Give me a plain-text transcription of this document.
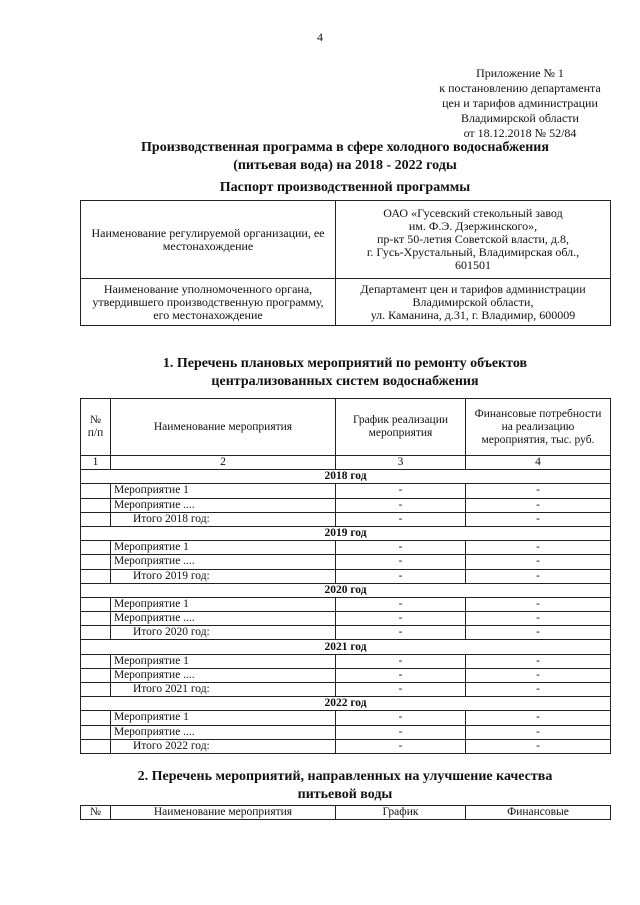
4
Приложение № 1
к постановлению департамента
цен и тарифов администрации
Владимирской области
от 18.12.2018 № 52/84
Производственная программа в сфере холодного водоснабжения
(питьевая вода) на 2018 - 2022 годы
Паспорт производственной программы
Наименование регулируемой организации, ее местонахождение	ОАО «Гусевский стекольный завод
им. Ф.Э. Дзержинского»,
пр-кт 50-летия Советской власти, д.8,
г. Гусь-Хрустальный, Владимирская обл.,
601501

Наименование уполномоченного органа, утвердившего производственную программу, его местонахождение	Департамент цен и тарифов администрации
Владимирской области,
ул. Каманина, д.31, г. Владимир, 600009
1. Перечень плановых мероприятий по ремонту объектов
централизованных систем водоснабжения
№ п/п	Наименование мероприятия	График реализации мероприятия	Финансовые потребности на реализацию мероприятия, тыс. руб.
1	2	3	4
2018 год			
	Мероприятие 1	-	-
	Мероприятие ....	-	-
	Итого 2018 год:	-	-
2019 год			
	Мероприятие 1	-	-
	Мероприятие ....	-	-
	Итого 2019 год:	-	-
2020 год			
	Мероприятие 1	-	-
	Мероприятие ....	-	-
	Итого 2020 год:	-	-
2021 год			
	Мероприятие 1	-	-
	Мероприятие ....	-	-
	Итого 2021 год:	-	-
2022 год			
	Мероприятие 1	-	-
	Мероприятие ....	-	-
	Итого 2022 год:	-	-
2. Перечень мероприятий, направленных на улучшение качества
питьевой воды
№	Наименование мероприятия	График	Финансовые
